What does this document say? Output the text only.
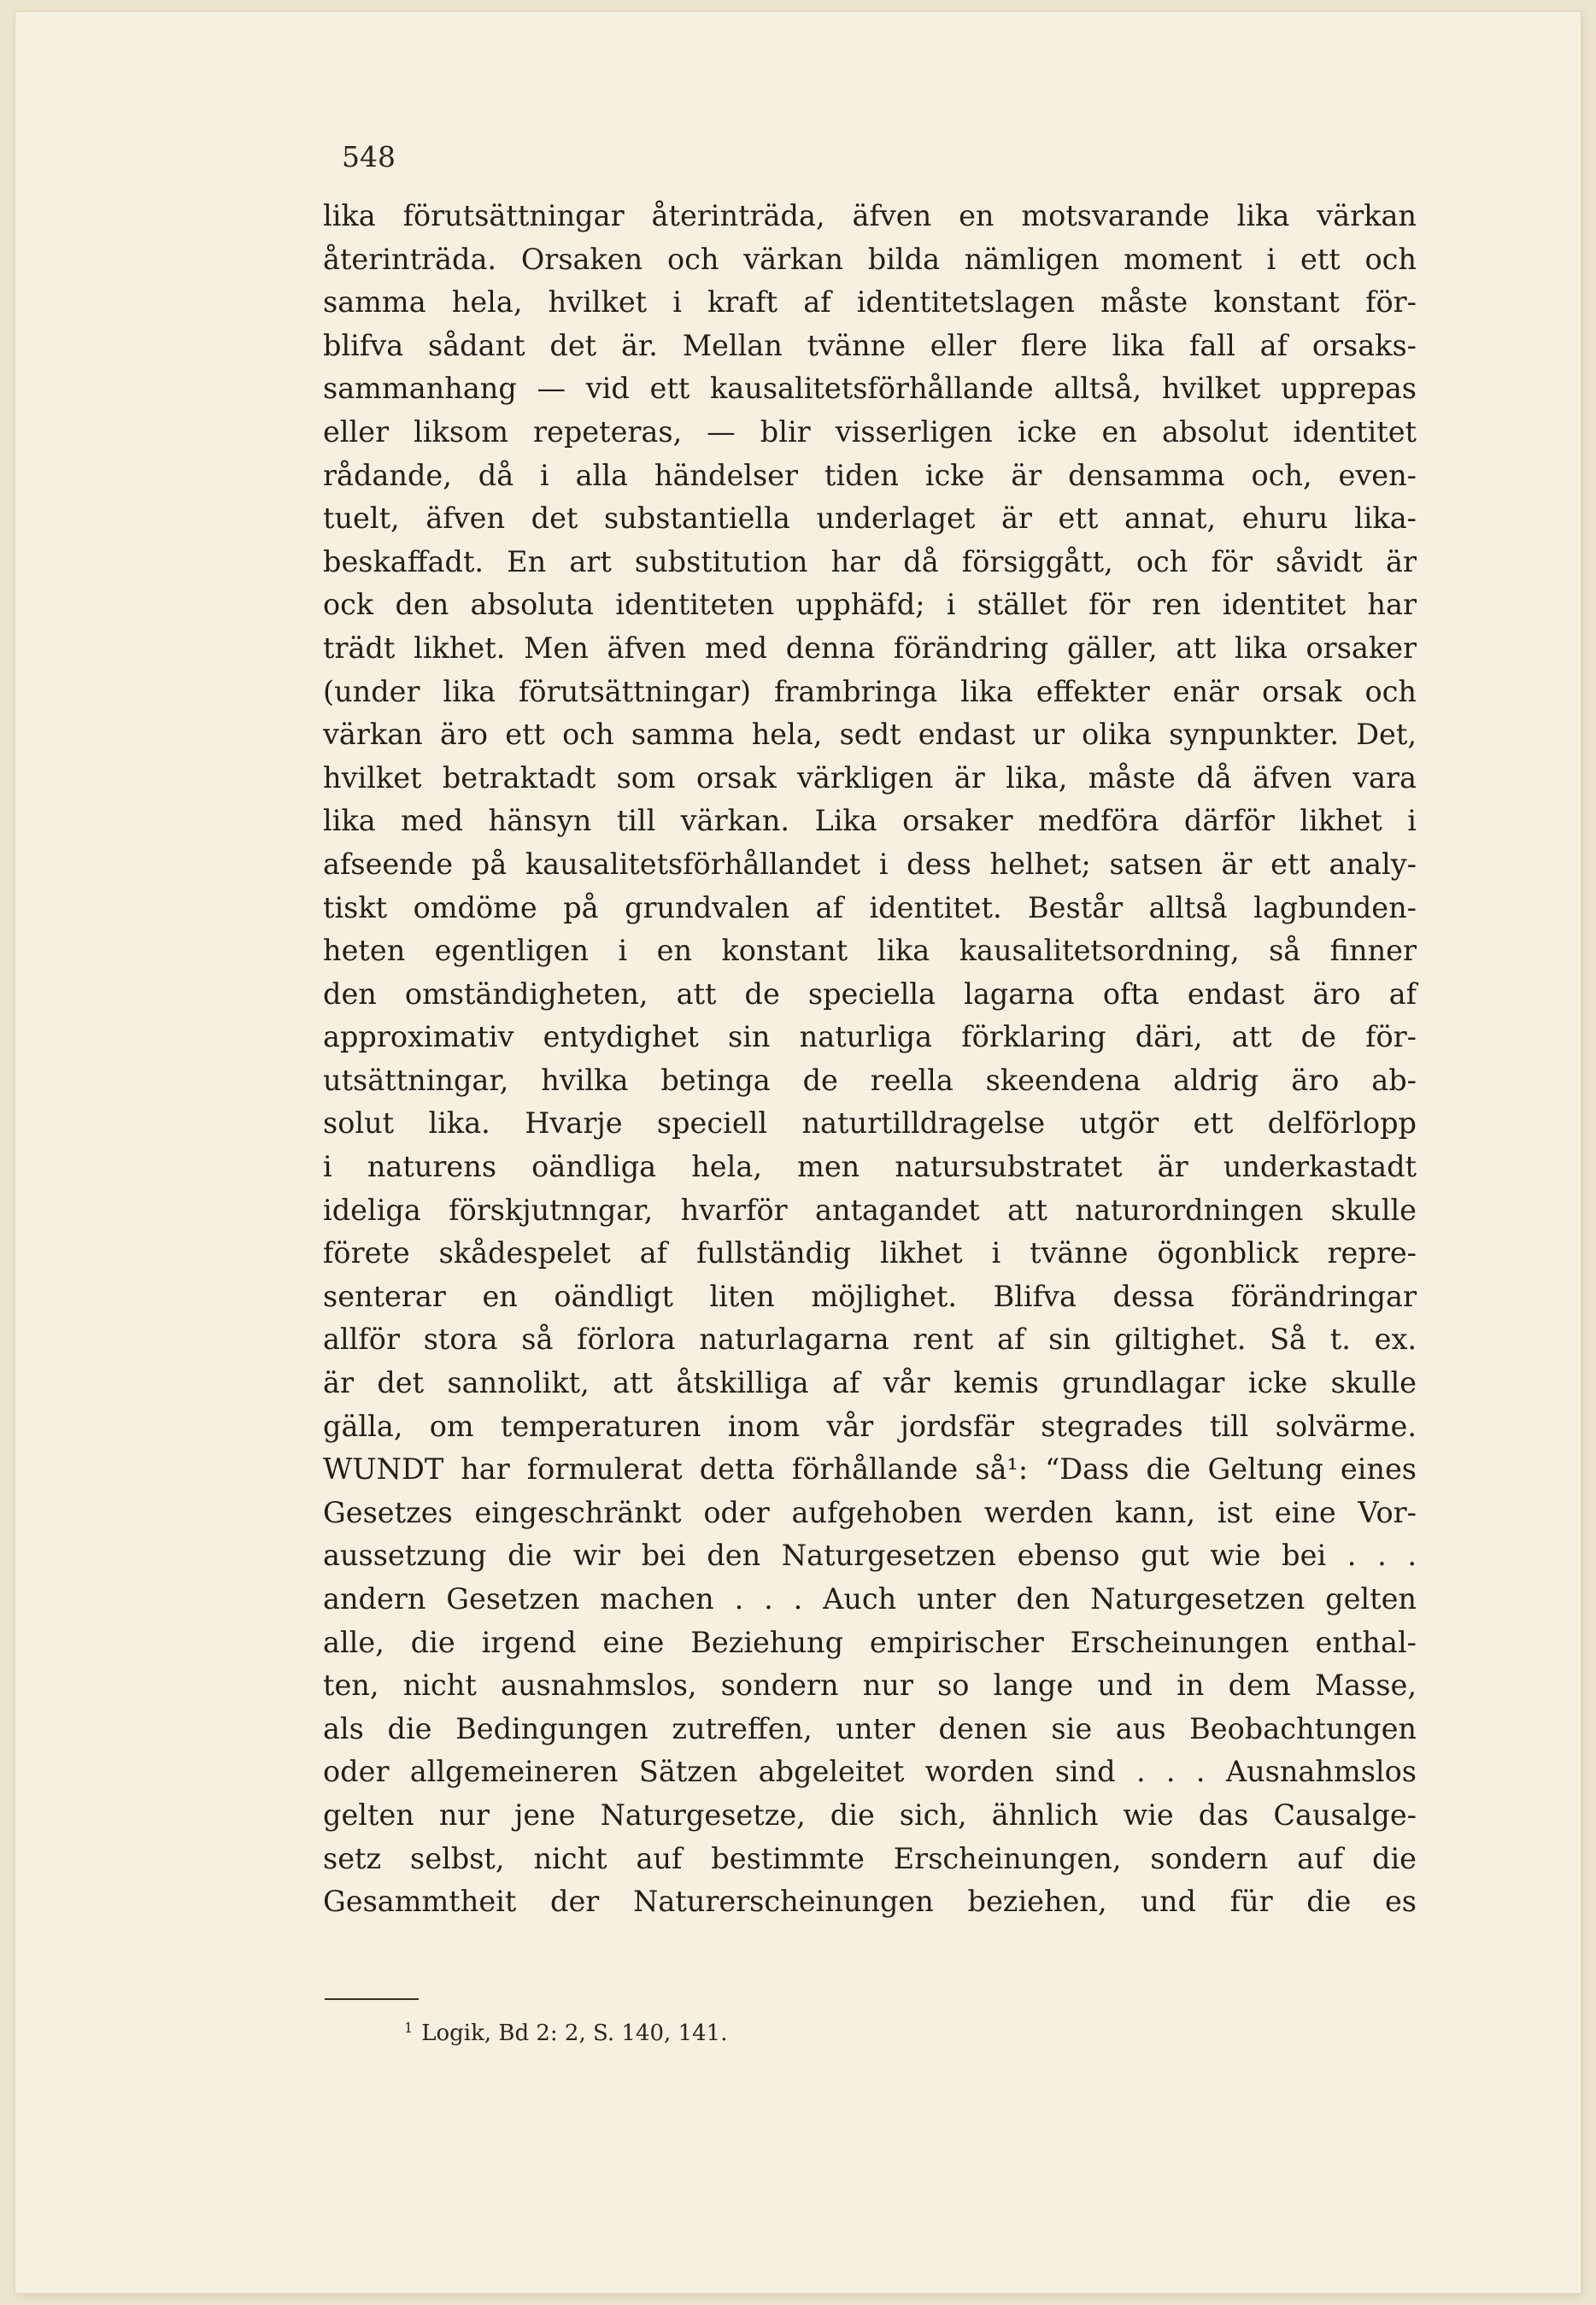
548

lika förutsättningar återinträda, äfven en motsvarande lika värkan
återinträda. Orsaken och värkan bilda nämligen moment i ett och
samma hela, hvilket i kraft af identitetslagen måste konstant för-
blifva sådant det är. Mellan tvänne eller flere lika fall af orsaks-
sammanhang — vid ett kausalitetsförhållande alltså, hvilket upprepas
eller liksom repeteras, — blir visserligen icke en absolut identitet
rådande, då i alla händelser tiden icke är densamma och, even-
tuelt, äfven det substantiella underlaget är ett annat, ehuru lika-
beskaffadt. En art substitution har då försiggått, och för såvidt är
ock den absoluta identiteten upphäfd; i stället för ren identitet har
trädt likhet. Men äfven med denna förändring gäller, att lika orsaker
(under lika förutsättningar) frambringa lika effekter enär orsak och
värkan äro ett och samma hela, sedt endast ur olika synpunkter. Det,
hvilket betraktadt som orsak värkligen är lika, måste då äfven vara
lika med hänsyn till värkan. Lika orsaker medföra därför likhet i
afseende på kausalitetsförhållandet i dess helhet; satsen är ett analy-
tiskt omdöme på grundvalen af identitet. Består alltså lagbunden-
heten egentligen i en konstant lika kausalitetsordning, så finner
den omständigheten, att de speciella lagarna ofta endast äro af
approximativ entydighet sin naturliga förklaring däri, att de för-
utsättningar, hvilka betinga de reella skeendena aldrig äro ab-
solut lika. Hvarje speciell naturtilldragelse utgör ett delförlopp
i naturens oändliga hela, men natursubstratet är underkastadt
ideliga förskjutnngar, hvarför antagandet att naturordningen skulle
förete skådespelet af fullständig likhet i tvänne ögonblick repre-
senterar en oändligt liten möjlighet. Blifva dessa förändringar
allför stora så förlora naturlagarna rent af sin giltighet. Så t. ex.
är det sannolikt, att åtskilliga af vår kemis grundlagar icke skulle
gälla, om temperaturen inom vår jordsfär stegrades till solvärme.
WUNDT har formulerat detta förhållande så¹: “Dass die Geltung eines
Gesetzes eingeschränkt oder aufgehoben werden kann, ist eine Vor-
aussetzung die wir bei den Naturgesetzen ebenso gut wie bei . . .
andern Gesetzen machen . . . Auch unter den Naturgesetzen gelten
alle, die irgend eine Beziehung empirischer Erscheinungen enthal-
ten, nicht ausnahmslos, sondern nur so lange und in dem Masse,
als die Bedingungen zutreffen, unter denen sie aus Beobachtungen
oder allgemeineren Sätzen abgeleitet worden sind . . . Ausnahmslos
gelten nur jene Naturgesetze, die sich, ähnlich wie das Causalge-
setz selbst, nicht auf bestimmte Erscheinungen, sondern auf die
Gesammtheit der Naturerscheinungen beziehen, und für die es

$^1$ Logik, Bd 2: 2, S. 140, 141.
